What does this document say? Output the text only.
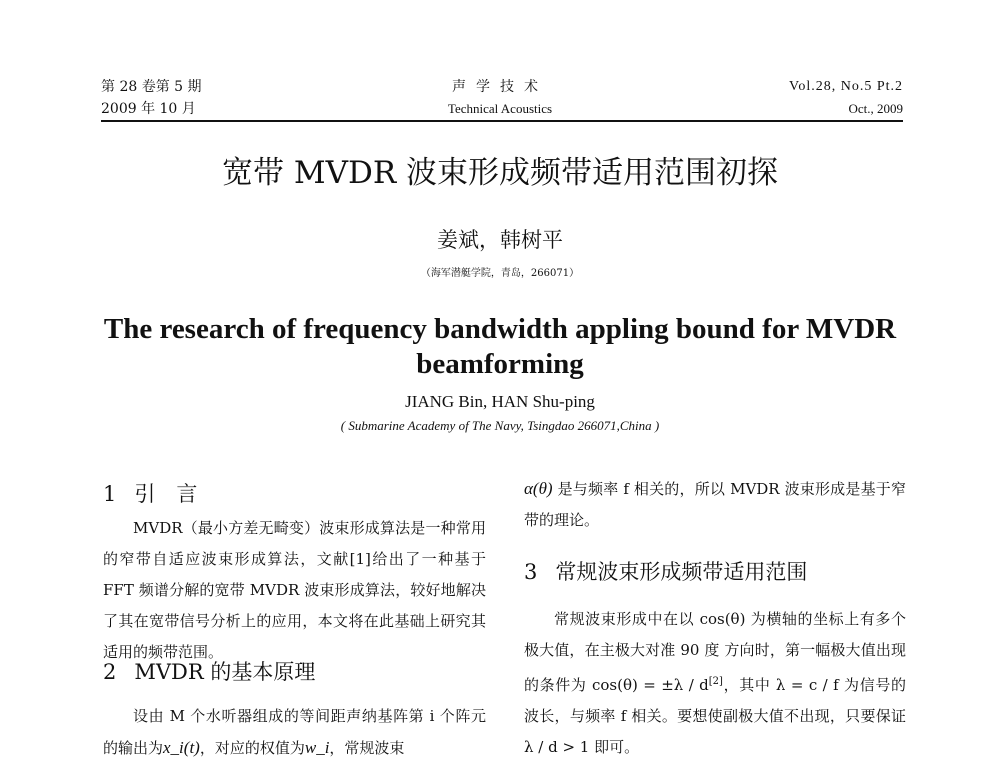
第 28 卷第 5 期
2009 年 10 月
声学技术
Technical Acoustics
Vol.28, No.5 Pt.2
Oct., 2009
宽带 MVDR 波束形成频带适用范围初探
姜斌，韩树平
（海军潜艇学院，青岛，266071）
The research of frequency bandwidth appling bound for MVDR beamforming
JIANG Bin, HAN Shu-ping
( Submarine Academy of The Navy, Tsingdao 266071,China )
1 引　言

MVDR（最小方差无畸变）波束形成算法是一种常用的窄带自适应波束形成算法，文献[1]给出了一种基于 FFT 频谱分解的宽带 MVDR 波束形成算法，较好地解决了其在宽带信号分析上的应用，本文将在此基础上研究其适用的频带范围。

2 MVDR 的基本原理

设由 M 个水听器组成的等间距声纳基阵第 i 个阵元的输出为x_i(t)，对应的权值为w_i，常规波束

α(θ) 是与频率 f 相关的，所以 MVDR 波束形成是基于窄带的理论。

3 常规波束形成频带适用范围

常规波束形成中在以 cos(θ) 为横轴的坐标上有多个极大值，在主极大对准 90 度 方向时，第一幅极大值出现的条件为 cos(θ) = ±λ / d[2]，其中 λ = c / f 为信号的波长，与频率 f 相关。要想使副极大值不出现，只要保证 λ / d > 1 即可。
